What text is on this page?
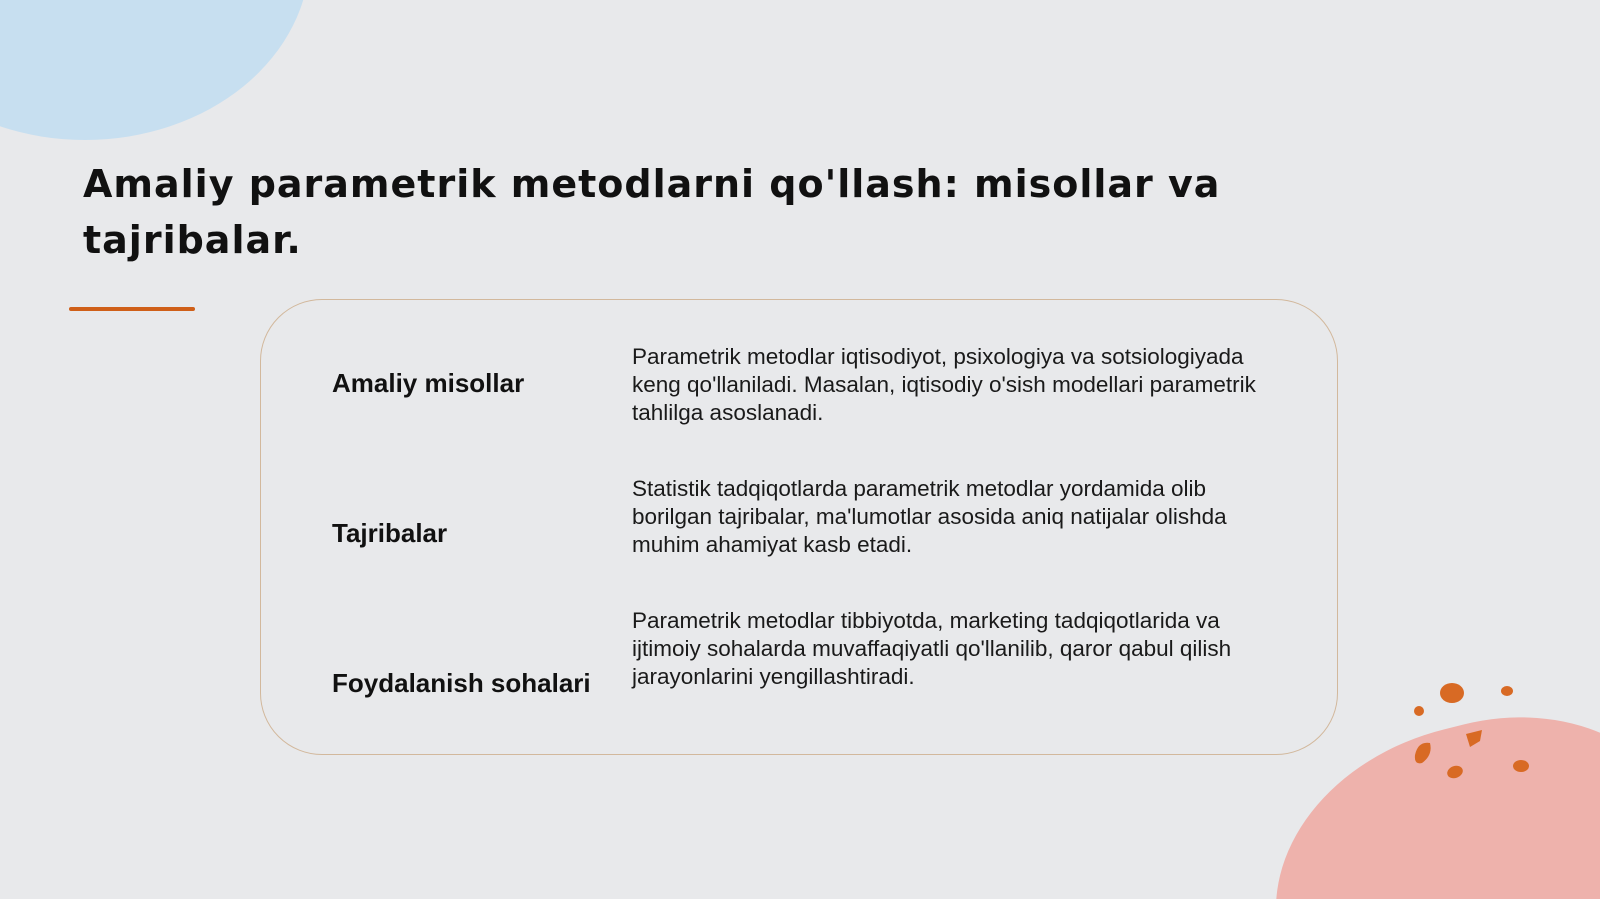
Amaliy parametrik metodlarni qo'llash: misollar va tajribalar.
Amaliy misollar

Parametrik metodlar iqtisodiyot, psixologiya va sotsiologiyada keng qo'llaniladi. Masalan, iqtisodiy o'sish modellari parametrik tahlilga asoslanadi.

Tajribalar

Statistik tadqiqotlarda parametrik metodlar yordamida olib borilgan tajribalar, ma'lumotlar asosida aniq natijalar olishda muhim ahamiyat kasb etadi.

Foydalanish sohalari

Parametrik metodlar tibbiyotda, marketing tadqiqotlarida va ijtimoiy sohalarda muvaffaqiyatli qo'llanilib, qaror qabul qilish jarayonlarini yengillashtiradi.
